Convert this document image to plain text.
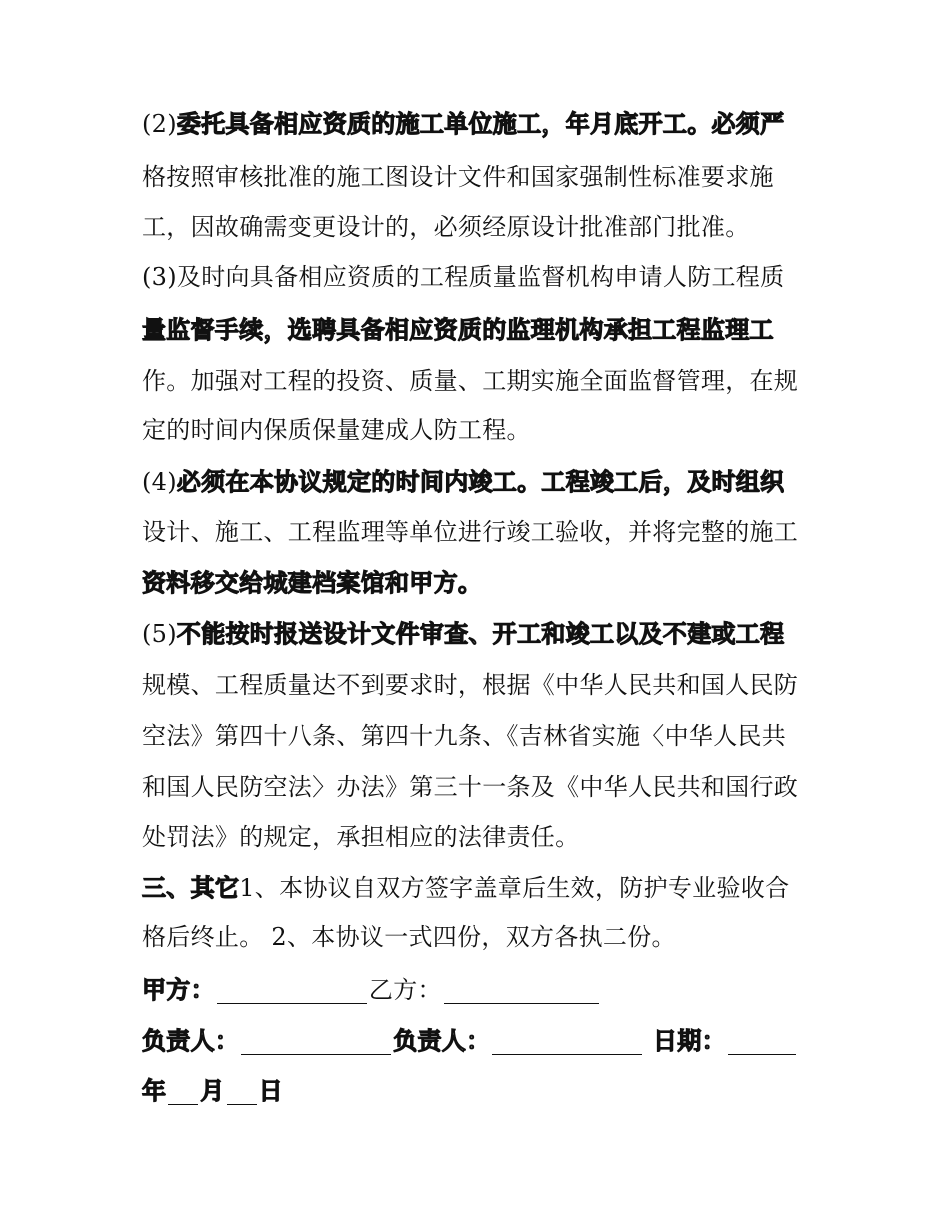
(2)委托具备相应资质的施工单位施工，年月底开工。必须严
格按照审核批准的施工图设计文件和国家强制性标准要求施
工，因故确需变更设计的，必须经原设计批准部门批准。
(3)及时向具备相应资质的工程质量监督机构申请人防工程质
量监督手续，选聘具备相应资质的监理机构承担工程监理工
作。加强对工程的投资、质量、工期实施全面监督管理，在规
定的时间内保质保量建成人防工程。
(4)必须在本协议规定的时间内竣工。工程竣工后，及时组织
设计、施工、工程监理等单位进行竣工验收，并将完整的施工
资料移交给城建档案馆和甲方。
(5)不能按时报送设计文件审查、开工和竣工以及不建或工程
规模、工程质量达不到要求时，根据《中华人民共和国人民防
空法》第四十八条、第四十九条、《吉林省实施〈中华人民共
和国人民防空法〉办法》第三十一条及《中华人民共和国行政
处罚法》的规定，承担相应的法律责任。
三、其它1、本协议自双方签字盖章后生效，防护专业验收合
格后终止。 2、本协议一式四份，双方各执二份。
甲方：	乙方：
负责人：	负责人：	日期：
年 月 日
